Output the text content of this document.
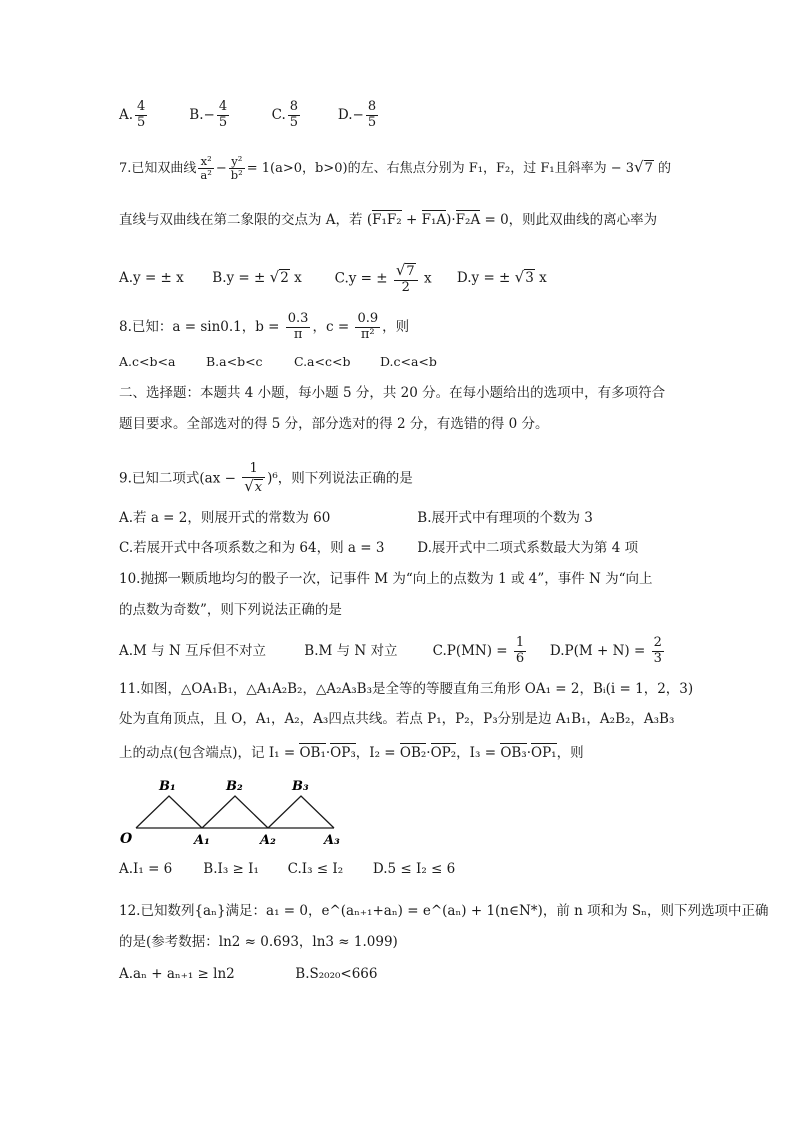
A. $\frac{4}{5}$	$B.- \frac{4}{5}$	C. $\frac{8}{5}$	$D.- \frac{8}{5}$
7.已知双曲线 $\frac{\text{x²}}{\text{a²}} - \frac{\text{y²}}{\text{b²}} = 1(a>0$，b>0)的左、右焦点分别为 F₁，F₂，过 F₁且斜率为 − 3√7 的
直线与双曲线在第二象限的交点为 A，若 (F₁F₂ + F₁A)·F₂A = 0，则此双曲线的离心率为
A.y = ± x B.y = ± √2 x C.y = ± $\frac{√7}{2}$ x D.y = ± √3 x
8.已知：a = sin0.1，$b = \frac{0.3}{\pi}$ ，$c = \frac{0.9}{\text{π²}}$ ，则
A.c<b<a B.a<b<c	C.a<c<b D.c<a<b
二、选择题：本题共 4 小题，每小题 5 分，共 20 分。在每小题给出的选项中，有多项符合
题目要求。全部选对的得 5 分，部分选对的得 2 分，有选错的得 0 分。
9.已知二项式$(ax - \frac{1}{√x} )^6$，则下列说法正确的是
A.若 a = 2，则展开式的常数为 60	B.展开式中有理项的个数为 3
C.若展开式中各项系数之和为 64，则 a = 3 D.展开式中二项式系数最大为第 4 项
10.抛掷一颗质地均匀的骰子一次，记事件 M 为“向上的点数为 1 或 4”，事件 N 为“向上
的点数为奇数”，则下列说法正确的是
A.M 与 N 互斥但不对立	B.M 与 N 对立	$C.P(MN) = \frac{1}{6} D.P(M + N) = \frac{2}{3}$
11.如图，△OA₁B₁，△A₁A₂B₂，△A₂A₃B₃是全等的等腰直角三角形 OA₁ = 2，Bᵢ(i = 1，2，3)
处为直角顶点，且 O，A₁，A₂，A₃四点共线。若点 P₁，P₂，P₃分别是边 A₁B₁，A₂B₂，A₃B₃
上的动点(包含端点)，记 I₁ = OB₁·OP₃，I₂ = OB₂·OP₂，I₃ = OB₃·OP₁，则
O	A₁	A₂	A₃
B₁	B₂	B₃
A.I₁ = 6 B.I₃ ≥ I₁ C.I₃ ≤ I₂ D.5 ≤ I₂ ≤ 6
12.已知数列{aₙ}满足：a₁ = 0，e^(aₙ₊₁+aₙ) = e^(aₙ) + 1(n∈N*)，前 n 项和为 Sₙ，则下列选项中正确
的是(参考数据：ln2 ≈ 0.693，ln3 ≈ 1.099)
A.aₙ + aₙ₊₁ ≥ ln2	B.S₂₀₂₀<666
